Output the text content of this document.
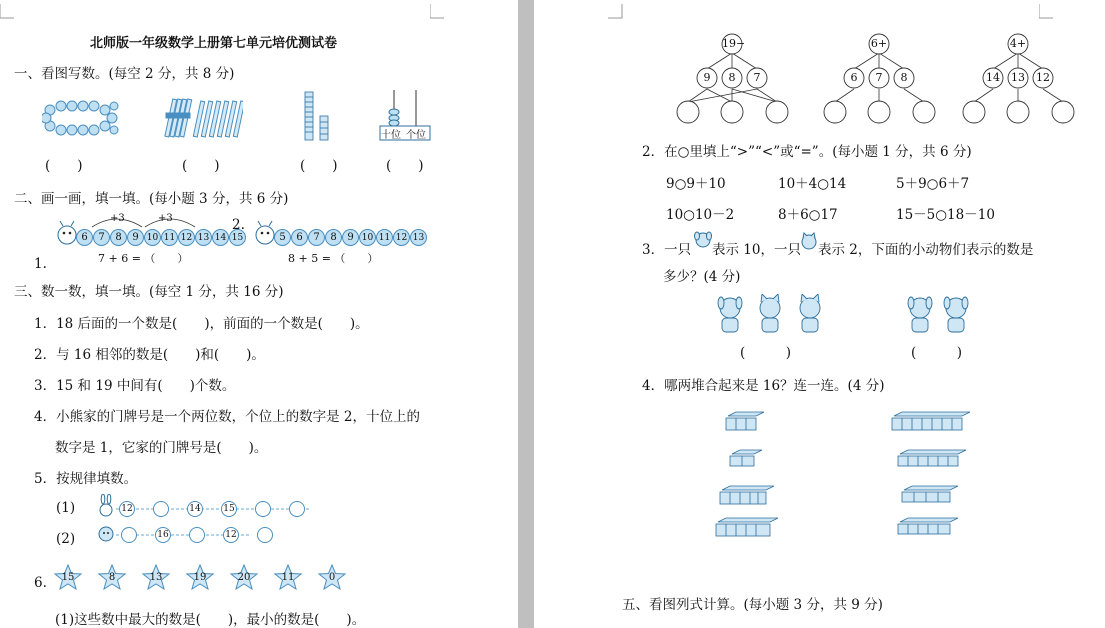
北师版一年级数学上册第七单元培优测试卷
一、看图写数。(每空 2 分，共 8 分)
十位 个位
(　　)	(　　)	(　　)	(　　)
二、画一画，填一填。(每小题 3 分，共 6 分)
+3	+3
6	7	8	9 10 11 12 13 14 15
7 + 6 = （　　）
1.
2.
5	6	7	8	9 10 11 12 13
8 + 5 = （　　）
三、数一数，填一填。(每空 1 分，共 16 分)
1．18 后面的一个数是(　　)，前面的一个数是(　　)。
2．与 16 相邻的数是(　　)和(　　)。
3．15 和 19 中间有(　　)个数。
4．小熊家的门牌号是一个两位数，个位上的数字是 2，十位上的
数字是 1，它家的门牌号是(　　)。
5．按规律填数。
(1)	12	14	15
(2)	16	12
6. 15	8	13	19	20	11	0
(1)这些数中最大的数是(　　)，最小的数是(　　)。
19−
9	8	7
6+
6	7	8
4+
14 13 12
2．在○里填上“>”“<”或“=”。(每小题 1 分，共 6 分)
9○9＋10	10＋4○14	5＋9○6＋7
10○10－2	8＋6○17	15－5○18－10
3．一只 表示 10，一只 表示 2，下面的小动物们表示的数是
多少？(4 分)
(　　　)	(　　　)
4．哪两堆合起来是 16？连一连。(4 分)
五、看图列式计算。(每小题 3 分，共 9 分)
